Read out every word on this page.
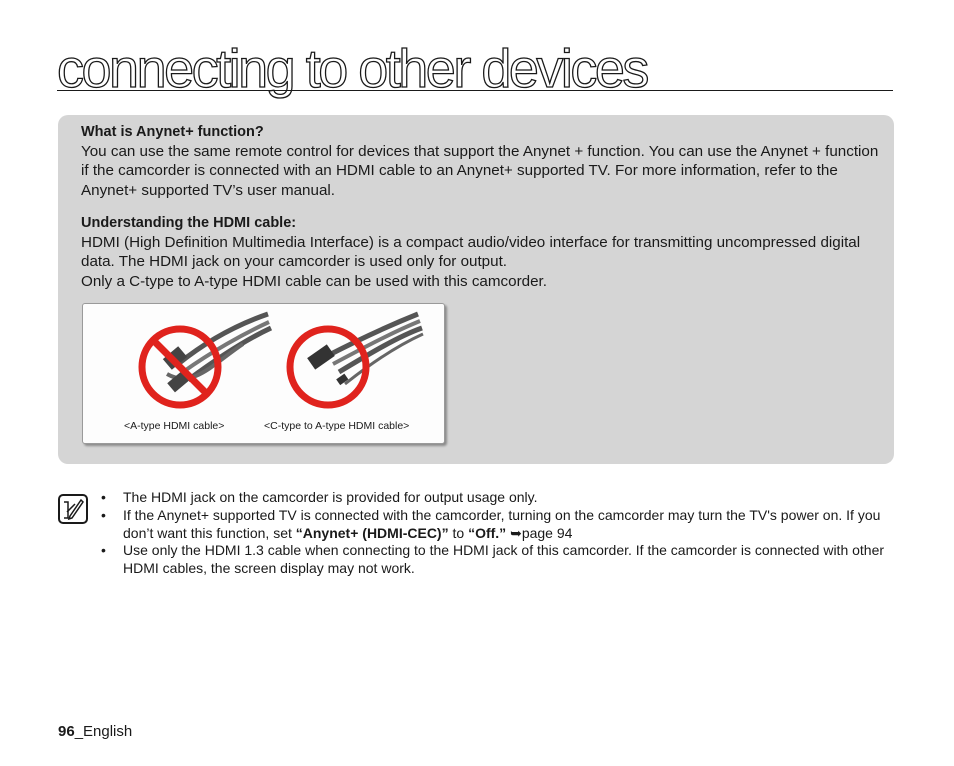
connecting to other devices
What is Anynet+ function?

You can use the same remote control for devices that support the Anynet + function. You can use the Anynet + function if the camcorder is connected with an HDMI cable to an Anynet+ supported TV. For more information, refer to the Anynet+ supported TV’s user manual.

Understanding the HDMI cable:

HDMI (High Definition Multimedia Interface) is a compact audio/video interface for transmitting uncompressed digital data. The HDMI jack on your camcorder is used only for output.

Only a C-type to A-type HDMI cable can be used with this camcorder.

<A-type HDMI cable>	<C-type to A-type HDMI cable>
• The HDMI jack on the camcorder is provided for output usage only.
• If the Anynet+ supported TV is connected with the camcorder, turning on the camcorder may turn the TV's power on. If you don’t want this function, set “Anynet+ (HDMI-CEC)” to “Off.” ➥page 94
• Use only the HDMI 1.3 cable when connecting to the HDMI jack of this camcorder. If the camcorder is connected with other HDMI cables, the screen display may not work.
96_English
